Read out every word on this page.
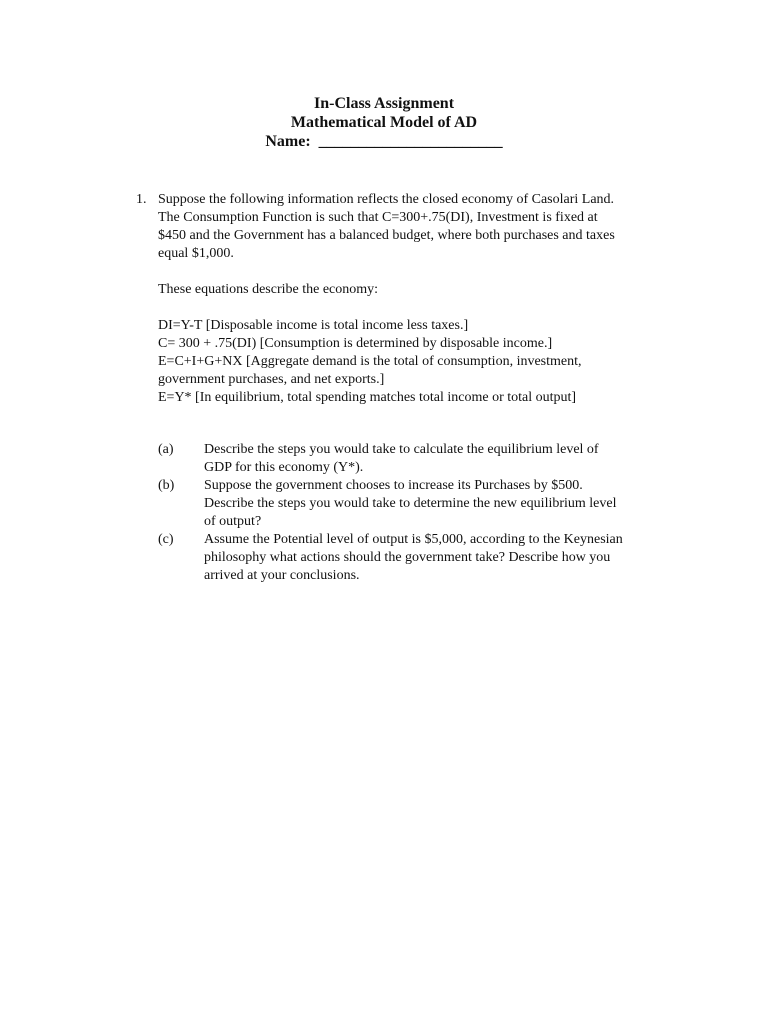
In-Class Assignment
Mathematical Model of AD
Name: _______________________
1. Suppose the following information reflects the closed economy of Casolari Land.
The Consumption Function is such that C=300+.75(DI), Investment is fixed at
$450 and the Government has a balanced budget, where both purchases and taxes
equal $1,000.

These equations describe the economy:

DI=Y-T [Disposable income is total income less taxes.]
C= 300 + .75(DI) [Consumption is determined by disposable income.]
E=C+I+G+NX [Aggregate demand is the total of consumption, investment,
government purchases, and net exports.]
E=Y* [In equilibrium, total spending matches total income or total output]

(a) Describe the steps you would take to calculate the equilibrium level of
GDP for this economy (Y*).

(b) Suppose the government chooses to increase its Purchases by $500.
Describe the steps you would take to determine the new equilibrium level
of output?

(c) Assume the Potential level of output is $5,000, according to the Keynesian
philosophy what actions should the government take? Describe how you
arrived at your conclusions.
